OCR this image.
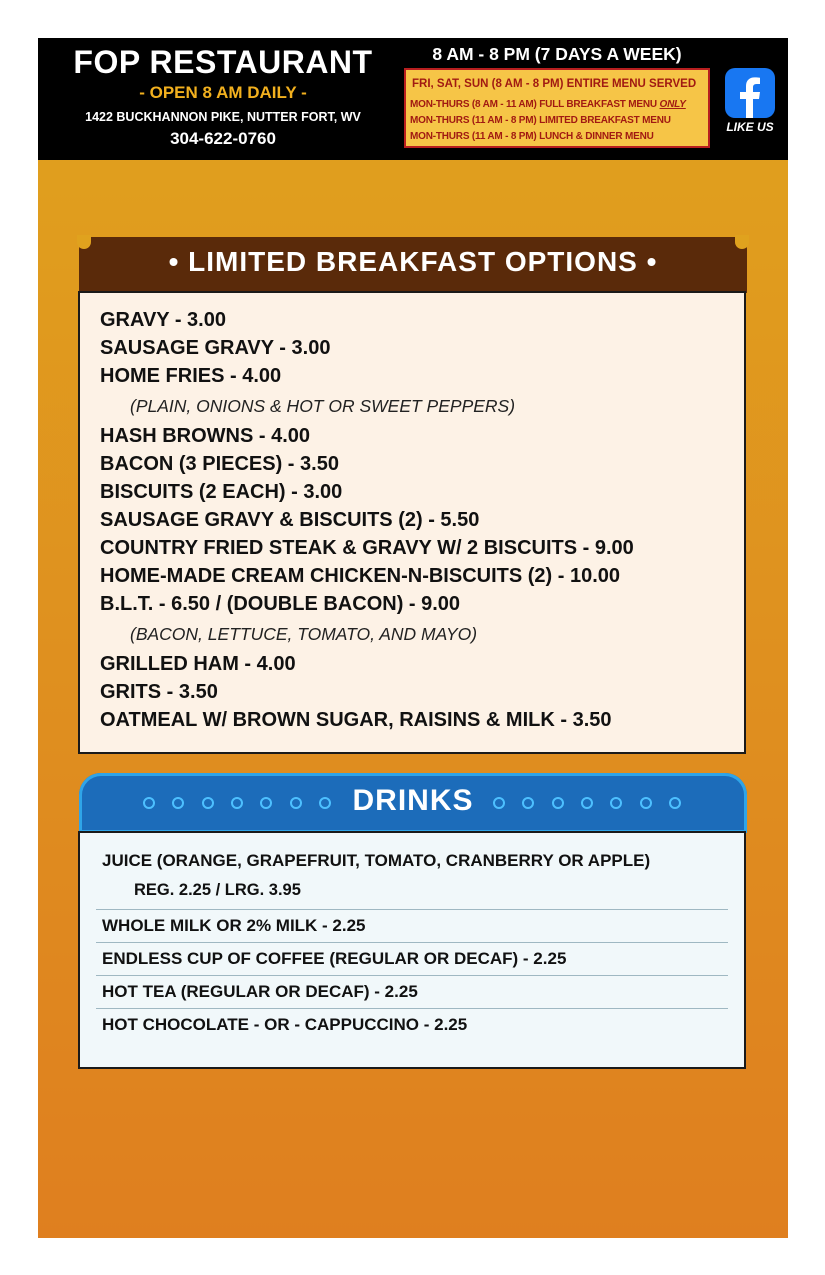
FOP RESTAURANT
- OPEN 8 AM DAILY -
1422 BUCKHANNON PIKE, NUTTER FORT, WV
304-622-0760
8 AM - 8 PM (7 DAYS A WEEK)
FRI, SAT, SUN (8 AM - 8 PM) ENTIRE MENU SERVED
MON-THURS (8 AM - 11 AM) FULL BREAKFAST MENU ONLY
MON-THURS (11 AM - 8 PM) LIMITED BREAKFAST MENU
MON-THURS (11 AM - 8 PM) LUNCH & DINNER MENU
LIKE US
• LIMITED BREAKFAST OPTIONS •
GRAVY - 3.00
SAUSAGE GRAVY - 3.00
HOME FRIES - 4.00
(PLAIN, ONIONS & HOT OR SWEET PEPPERS)
HASH BROWNS - 4.00
BACON (3 PIECES) - 3.50
BISCUITS (2 EACH) - 3.00
SAUSAGE GRAVY & BISCUITS (2) - 5.50
COUNTRY FRIED STEAK & GRAVY W/ 2 BISCUITS - 9.00
HOME-MADE CREAM CHICKEN-N-BISCUITS (2) - 10.00
B.L.T. - 6.50 / (DOUBLE BACON) - 9.00
(BACON, LETTUCE, TOMATO, AND MAYO)
GRILLED HAM - 4.00
GRITS - 3.50
OATMEAL W/ BROWN SUGAR, RAISINS & MILK - 3.50
DRINKS
JUICE (ORANGE, GRAPEFRUIT, TOMATO, CRANBERRY OR APPLE)
REG. 2.25 / LRG. 3.95
WHOLE MILK OR 2% MILK - 2.25
ENDLESS CUP OF COFFEE (REGULAR OR DECAF) - 2.25
HOT TEA (REGULAR OR DECAF) - 2.25
HOT CHOCOLATE - OR - CAPPUCCINO - 2.25
